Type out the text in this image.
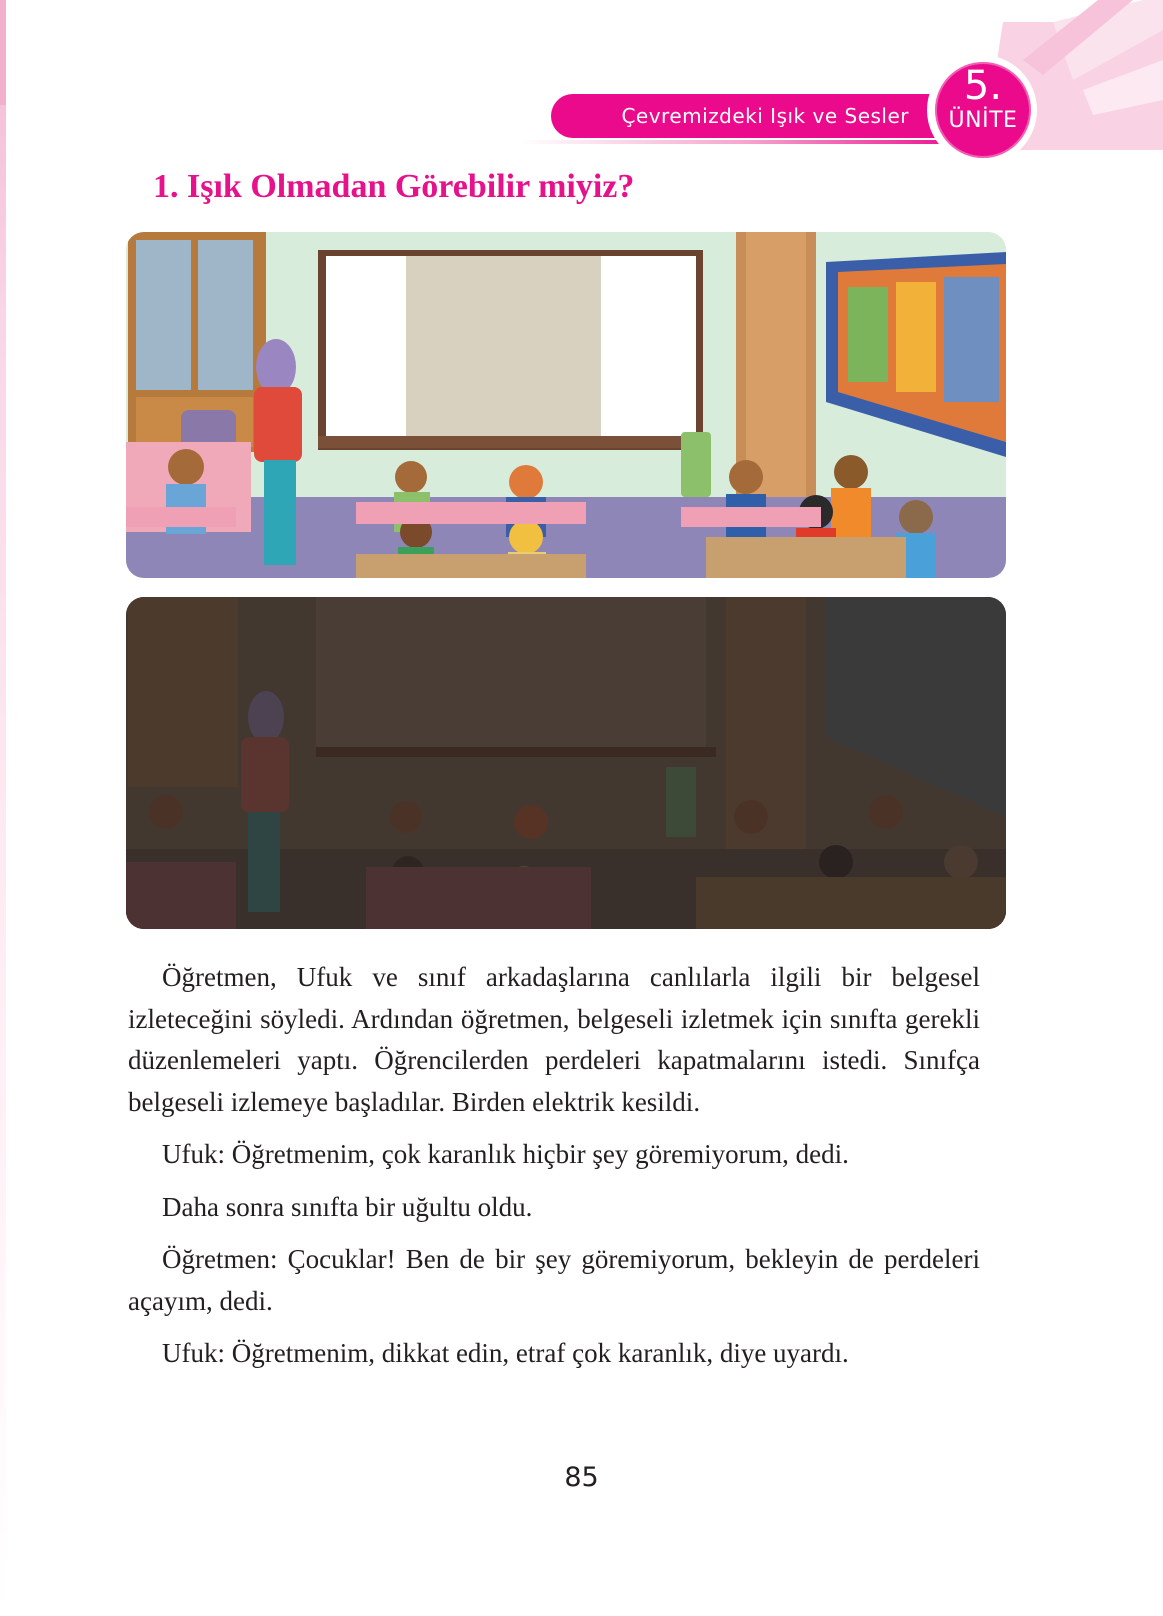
Çevremizdeki Işık ve Sesler
5.
ÜNİTE
1. Işık Olmadan Görebilir miyiz?

Öğretmen, Ufuk ve sınıf arkadaşlarına canlılarla ilgili bir belgesel izleteceğini söyledi. Ardından öğretmen, belgeseli izletmek için sınıfta gerekli düzenlemeleri yaptı. Öğrencilerden perdeleri kapatmalarını istedi. Sınıfça belgeseli izlemeye başladılar. Birden elektrik kesildi.

Ufuk: Öğretmenim, çok karanlık hiçbir şey göremiyorum, dedi.

Daha sonra sınıfta bir uğultu oldu.

Öğretmen: Çocuklar! Ben de bir şey göremiyorum, bekleyin de perdeleri açayım, dedi.

Ufuk: Öğretmenim, dikkat edin, etraf çok karanlık, diye uyardı.

85
